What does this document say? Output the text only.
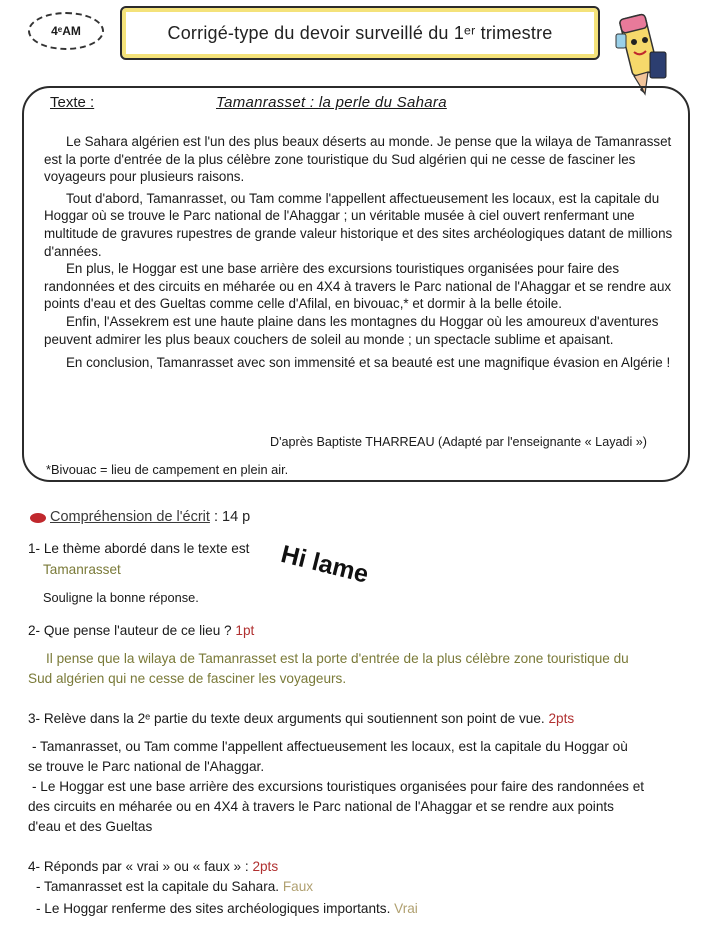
4ᵉAM	Corrigé-type du devoir surveillé du 1ᵉʳ trimestre
Texte :	Tamanrasset : la perle du Sahara

Le Sahara algérien est l'un des plus beaux déserts au monde. Je pense que la wilaya de Tamanrasset est la porte d'entrée de la plus célèbre zone touristique du Sud algérien qui ne cesse de fasciner les voyageurs pour plusieurs raisons.

Tout d'abord, Tamanrasset, ou Tam comme l'appellent affectueusement les locaux, est la capitale du Hoggar où se trouve le Parc national de l'Ahaggar ; un véritable musée à ciel ouvert renfermant une multitude de gravures rupestres de grande valeur historique et des sites archéologiques datant de millions d'années.

En plus, le Hoggar est une base arrière des excursions touristiques organisées pour faire des randonnées et des circuits en méharée ou en 4X4 à travers le Parc national de l'Ahaggar et se rendre aux points d'eau et des Gueltas comme celle d'Afilal, en bivouac,* et dormir à la belle étoile.

Enfin, l'Assekrem est une haute plaine dans les montagnes du Hoggar où les amoureux d'aventures peuvent admirer les plus beaux couchers de soleil au monde ; un spectacle sublime et apaisant.

En conclusion, Tamanrasset avec son immensité et sa beauté est une magnifique évasion en Algérie !

D'après Baptiste THARREAU (Adapté par l'enseignante « Layadi »)
*Bivouac = lieu de campement en plein air.
Compréhension de l'écrit : 14 p
Hi lame
1- Le thème abordé dans le texte est
Tamanrasset
Souligne la bonne réponse.
2- Que pense l'auteur de ce lieu ? 1pt

Il pense que la wilaya de Tamanrasset est la porte d'entrée de la plus célèbre zone touristique du

Sud algérien qui ne cesse de fasciner les voyageurs.

3- Relève dans la 2ᵉ partie du texte deux arguments qui soutiennent son point de vue. 2pts

- Tamanrasset, ou Tam comme l'appellent affectueusement les locaux, est la capitale du Hoggar où

se trouve le Parc national de l'Ahaggar.

- Le Hoggar est une base arrière des excursions touristiques organisées pour faire des randonnées et

des circuits en méharée ou en 4X4 à travers le Parc national de l'Ahaggar et se rendre aux points

d'eau et des Gueltas

4- Réponds par « vrai » ou « faux » : 2pts
- Tamanrasset est la capitale du Sahara. Faux
- Le Hoggar renferme des sites archéologiques importants. Vrai
